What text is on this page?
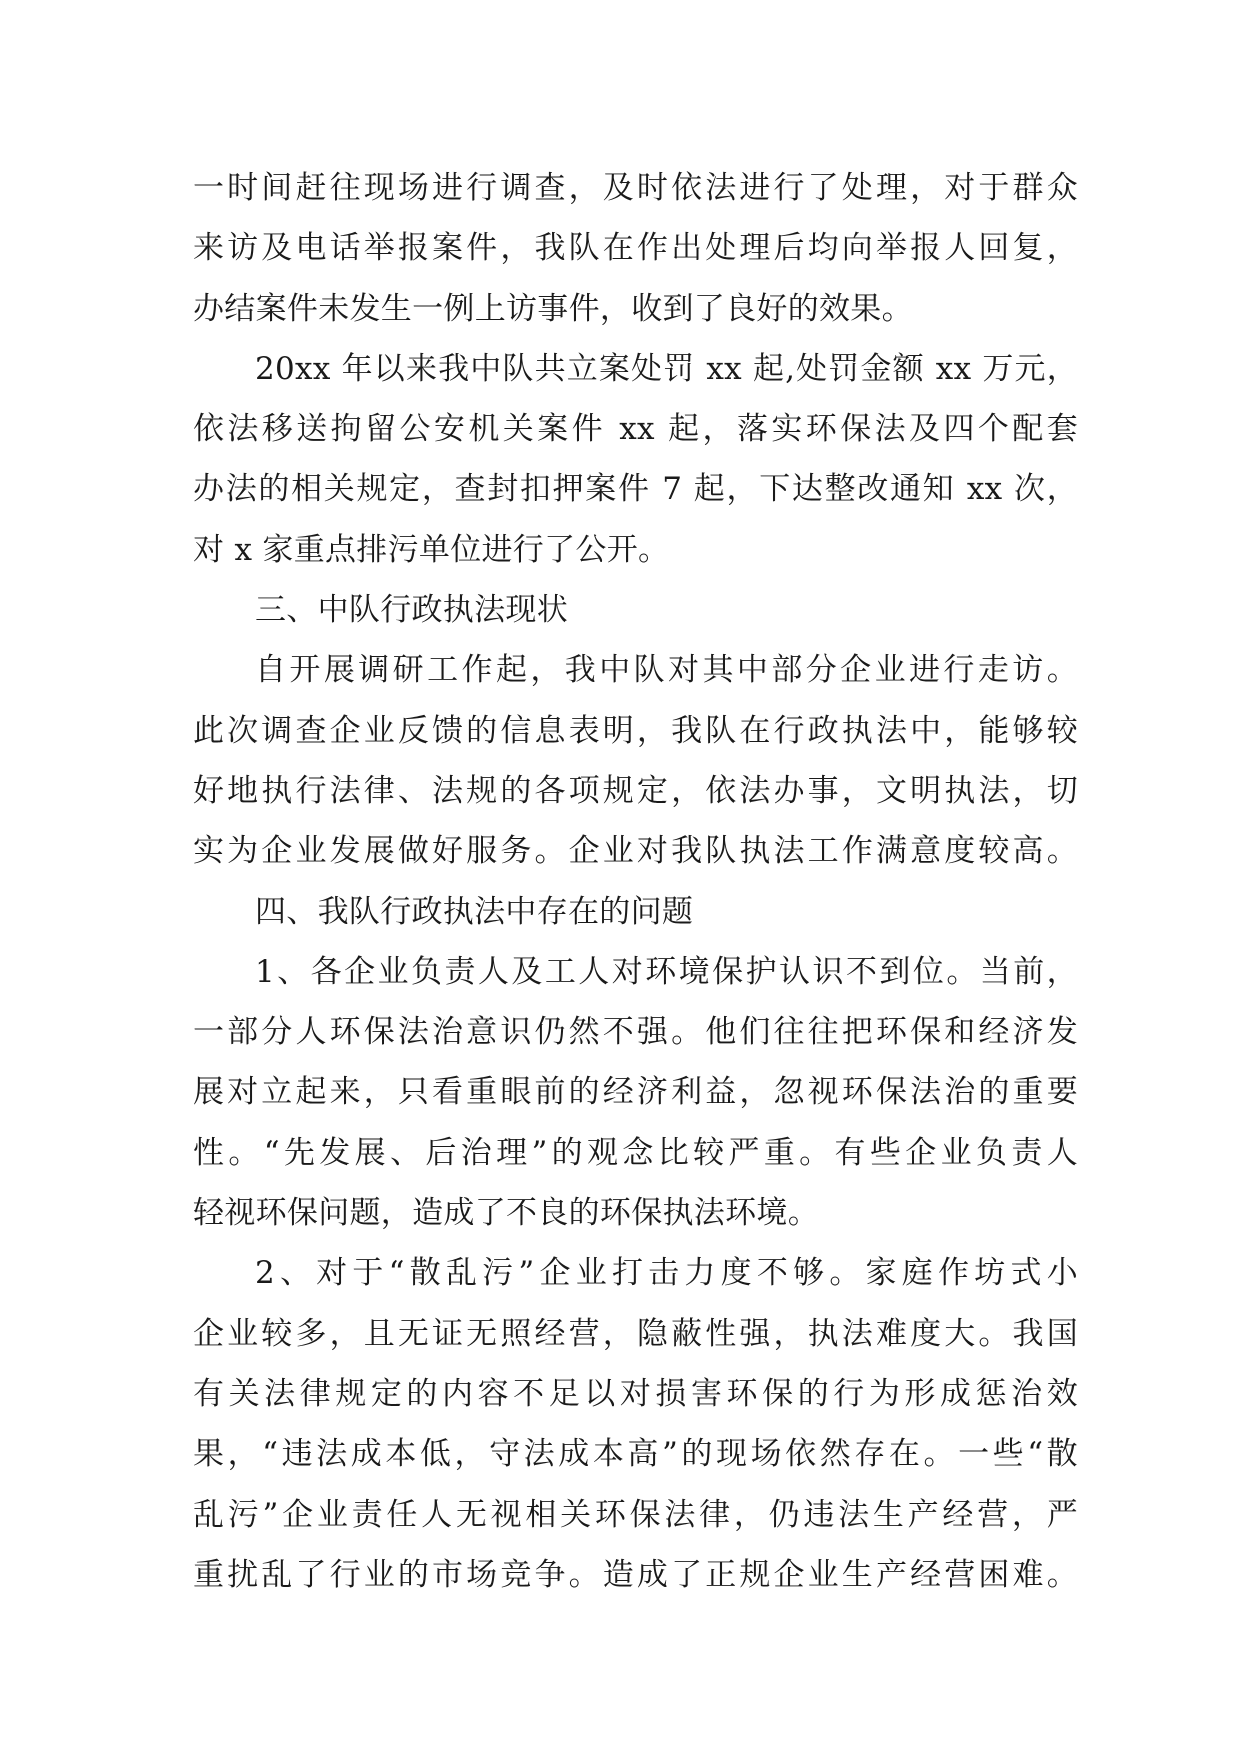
一时间赶往现场进行调查，及时依法进行了处理，对于群众
来访及电话举报案件，我队在作出处理后均向举报人回复，
办结案件未发生一例上访事件，收到了良好的效果。
20xx 年以来我中队共立案处罚 xx 起,处罚金额 xx 万元，
依法移送拘留公安机关案件 xx 起，落实环保法及四个配套
办法的相关规定，查封扣押案件 7 起，下达整改通知 xx 次，
对 x 家重点排污单位进行了公开。
三、中队行政执法现状
自开展调研工作起，我中队对其中部分企业进行走访。
此次调查企业反馈的信息表明，我队在行政执法中，能够较
好地执行法律、法规的各项规定，依法办事，文明执法，切
实为企业发展做好服务。企业对我队执法工作满意度较高。
四、我队行政执法中存在的问题
1、各企业负责人及工人对环境保护认识不到位。当前，
一部分人环保法治意识仍然不强。他们往往把环保和经济发
展对立起来，只看重眼前的经济利益，忽视环保法治的重要
性。“先发展、后治理”的观念比较严重。有些企业负责人
轻视环保问题，造成了不良的环保执法环境。
2、对于“散乱污”企业打击力度不够。家庭作坊式小
企业较多，且无证无照经营，隐蔽性强，执法难度大。我国
有关法律规定的内容不足以对损害环保的行为形成惩治效
果，“违法成本低，守法成本高”的现场依然存在。一些“散
乱污”企业责任人无视相关环保法律，仍违法生产经营，严
重扰乱了行业的市场竞争。造成了正规企业生产经营困难。
